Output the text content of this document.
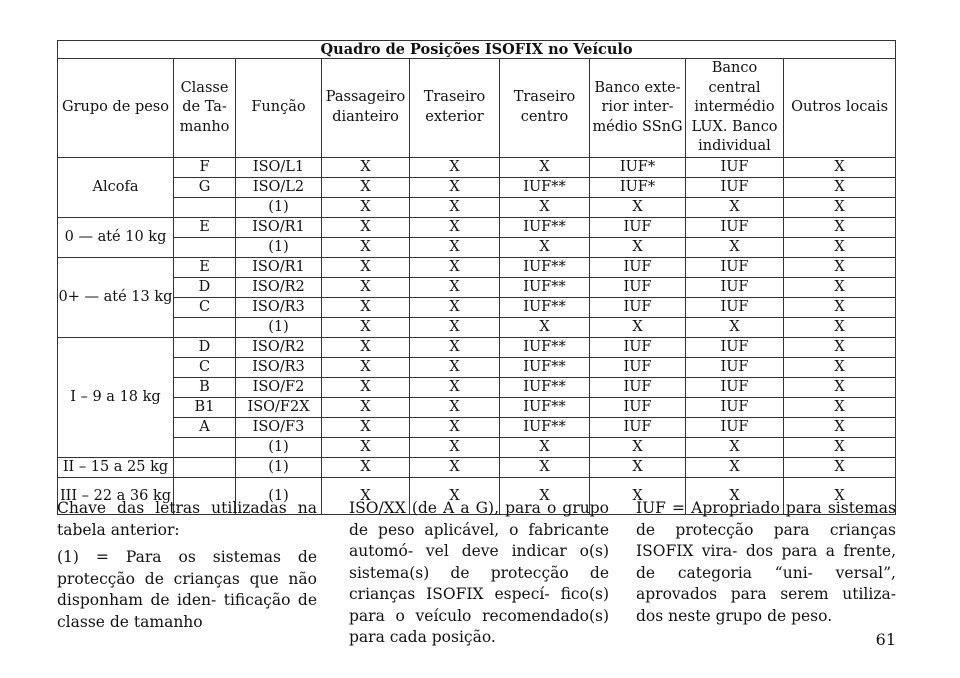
Quadro de Posições ISOFIX no Veículo								
Grupo de peso	Classe de Ta- manho	Função	Passageiro dianteiro	Traseiro exterior	Traseiro centro	Banco exte- rior inter- médio SSnG	Banco central intermédio LUX. Banco individual	Outros locais
Alcofa	F	ISO/L1	X	X	X	IUF*	IUF	X
	G	ISO/L2	X	X	IUF**	IUF*	IUF	X
		(1)	X	X	X	X	X	X
0 — até 10 kg	E	ISO/R1	X	X	IUF**	IUF	IUF	X
		(1)	X	X	X	X	X	X
0+ — até 13 kg	E	ISO/R1	X	X	IUF**	IUF	IUF	X
	D	ISO/R2	X	X	IUF**	IUF	IUF	X
	C	ISO/R3	X	X	IUF**	IUF	IUF	X
		(1)	X	X	X	X	X	X
I – 9 a 18 kg	D	ISO/R2	X	X	IUF**	IUF	IUF	X
	C	ISO/R3	X	X	IUF**	IUF	IUF	X
	B	ISO/F2	X	X	IUF**	IUF	IUF	X
	B1	ISO/F2X	X	X	IUF**	IUF	IUF	X
	A	ISO/F3	X	X	IUF**	IUF	IUF	X
		(1)	X	X	X	X	X	X
II – 15 a 25 kg		(1)	X	X	X	X	X	X
III – 22 a 36 kg		(1)	X	X	X	X	X	X

Chave das letras utilizadas na tabela anterior:

(1) = Para os sistemas de protecção de crianças que não disponham de iden- tificação de classe de tamanho

ISO/XX (de A a G), para o grupo de peso aplicável, o fabricante automó- vel deve indicar o(s) sistema(s) de protecção de crianças ISOFIX especí- fico(s) para o veículo recomendado(s) para cada posição.

IUF = Apropriado para sistemas de protecção para crianças ISOFIX vira- dos para a frente, de categoria “uni- versal”, aprovados para serem utiliza- dos neste grupo de peso.

61
